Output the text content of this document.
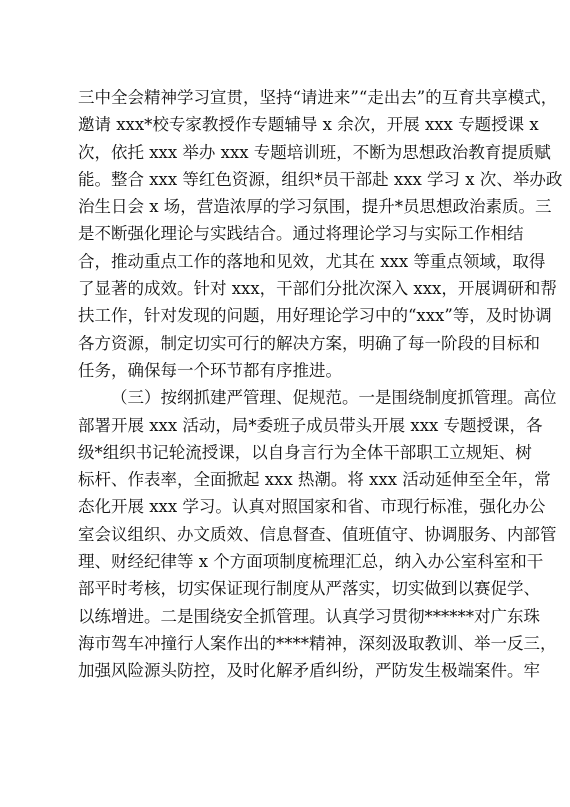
三中全会精神学习宣贯，坚持“请进来”“走出去”的互育共享模式，
邀请 xxx*校专家教授作专题辅导 x 余次，开展 xxx 专题授课 x
次，依托 xxx 举办 xxx 专题培训班，不断为思想政治教育提质赋
能。整合 xxx 等红色资源，组织*员干部赴 xxx 学习 x 次、举办政
治生日会 x 场，营造浓厚的学习氛围，提升*员思想政治素质。三
是不断强化理论与实践结合。通过将理论学习与实际工作相结
合，推动重点工作的落地和见效，尤其在 xxx 等重点领域，取得
了显著的成效。针对 xxx，干部们分批次深入 xxx，开展调研和帮
扶工作，针对发现的问题，用好理论学习中的“xxx”等，及时协调
各方资源，制定切实可行的解决方案，明确了每一阶段的目标和
任务，确保每一个环节都有序推进。
（三）按纲抓建严管理、促规范。一是围绕制度抓管理。高位
部署开展 xxx 活动，局*委班子成员带头开展 xxx 专题授课，各
级*组织书记轮流授课，以自身言行为全体干部职工立规矩、树
标杆、作表率，全面掀起 xxx 热潮。将 xxx 活动延伸至全年，常
态化开展 xxx 学习。认真对照国家和省、市现行标准，强化办公
室会议组织、办文质效、信息督查、值班值守、协调服务、内部管
理、财经纪律等 x 个方面项制度梳理汇总，纳入办公室科室和干
部平时考核，切实保证现行制度从严落实，切实做到以赛促学、
以练增进。二是围绕安全抓管理。认真学习贯彻******对广东珠
海市驾车冲撞行人案作出的****精神，深刻汲取教训、举一反三，
加强风险源头防控，及时化解矛盾纠纷，严防发生极端案件。牢
